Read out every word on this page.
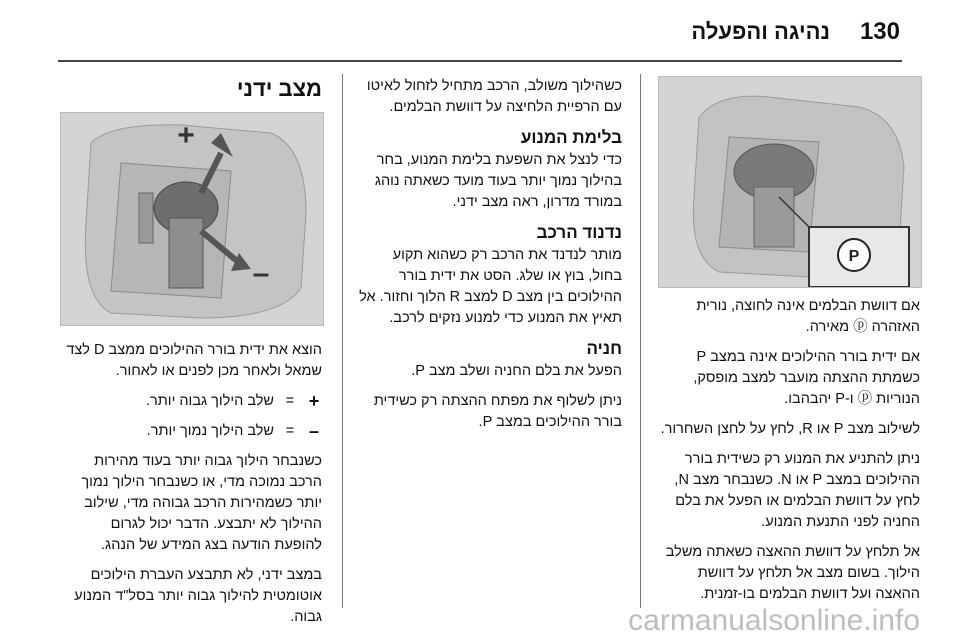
130
נהיגה והפעלה
P

אם דוושת הבלמים אינה לחוצה, נורית האזהרה ⓟ מאירה.

אם ידית בורר ההילוכים אינה במצב P כשמתת ההצתה מועבר למצב מופסק, הנוריות ⓟ ו-P יהבהבו.

לשילוב מצב P או R, לחץ על לחצן השחרור.

ניתן להתניע את המנוע רק כשידית בורר ההילוכים במצב P או N. כשנבחר מצב N, לחץ על דוושת הבלמים או הפעל את בלם החניה לפני התנעת המנוע.

אל תלחץ על דוושת ההאצה כשאתה משלב הילוך. בשום מצב אל תלחץ על דוושת ההאצה ועל דוושת הבלמים בו-זמנית.

כשהילוך משולב, הרכב מתחיל לזחול לאיטו עם הרפיית הלחיצה על דוושת הבלמים.

בלימת המנוע

כדי לנצל את השפעת בלימת המנוע, בחר בהילוך נמוך יותר בעוד מועד כשאתה נוהג במורד מדרון, ראה מצב ידני.

נדנוד הרכב

מותר לנדנד את הרכב רק כשהוא תקוע בחול, בוץ או שלג. הסט את ידית בורר ההילוכים בין מצב D למצב R הלוך וחזור. אל תאיץ את המנוע כדי למנוע נזקים לרכב.

חניה

הפעל את בלם החניה ושלב מצב P.

ניתן לשלוף את מפתח ההצתה רק כשידית בורר ההילוכים במצב P.

מצב ידני
+
–

הוצא את ידית בורר ההילוכים ממצב D לצד שמאל ולאחר מכן לפנים או לאחור.

+
=
שלב הילוך גבוה יותר.
–
=
שלב הילוך נמוך יותר.

כשנבחר הילוך גבוה יותר בעוד מהירות הרכב נמוכה מדי, או כשנבחר הילוך נמוך יותר כשמהירות הרכב גבוהה מדי, שילוב ההילוך לא יתבצע. הדבר יכול לגרום להופעת הודעה בצג המידע של הנהג.

במצב ידני, לא תתבצע העברת הילוכים אוטומטית להילוך גבוה יותר בסל"ד המנוע גבוה.	carmanualsonline.info
